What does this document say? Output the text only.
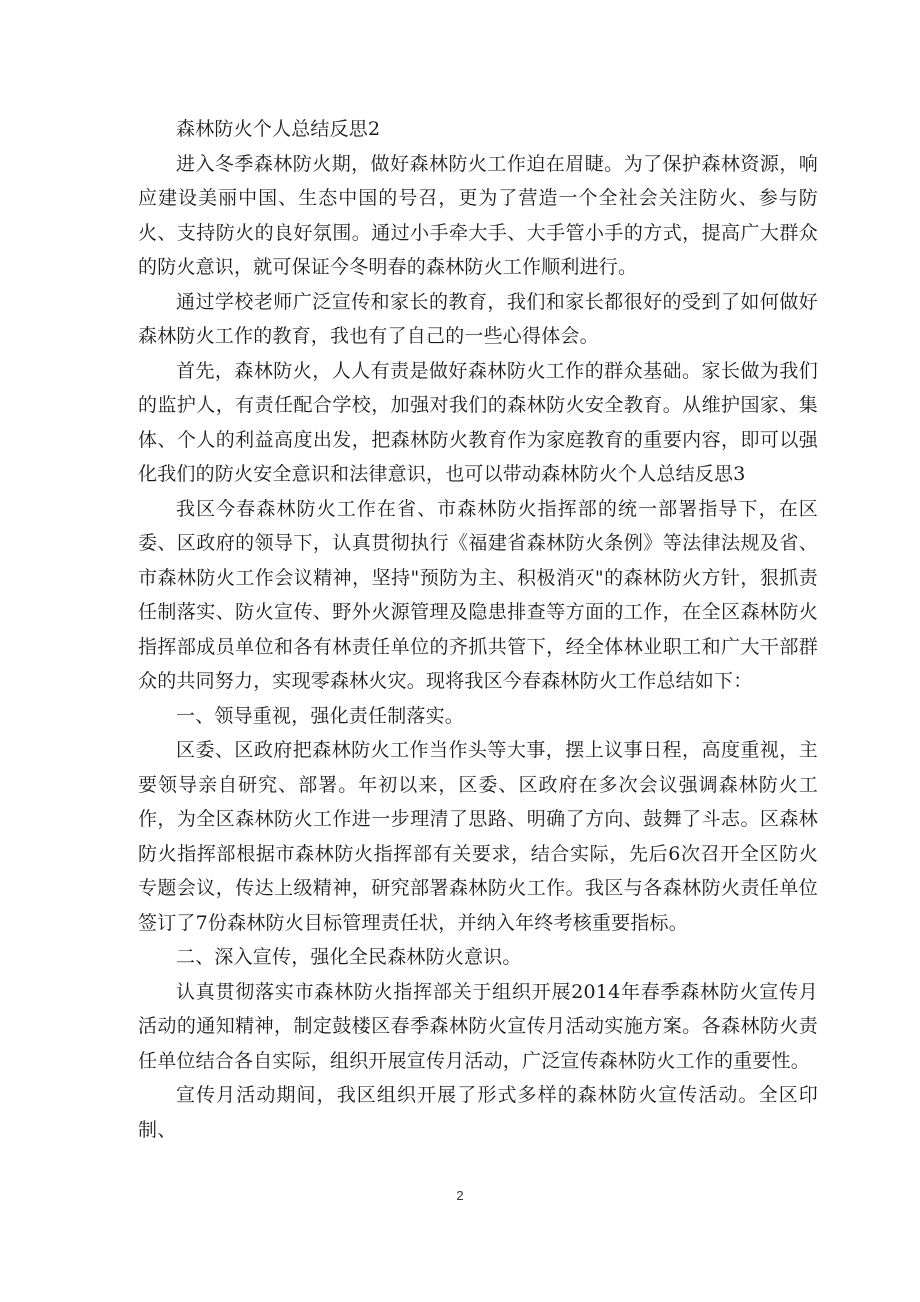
森林防火个人总结反思2

进入冬季森林防火期，做好森林防火工作迫在眉睫。为了保护森林资源，响应建设美丽中国、生态中国的号召，更为了营造一个全社会关注防火、参与防火、支持防火的良好氛围。通过小手牵大手、大手管小手的方式，提高广大群众的防火意识，就可保证今冬明春的森林防火工作顺利进行。

通过学校老师广泛宣传和家长的教育，我们和家长都很好的受到了如何做好森林防火工作的教育，我也有了自己的一些心得体会。

首先，森林防火，人人有责是做好森林防火工作的群众基础。家长做为我们的监护人，有责任配合学校，加强对我们的森林防火安全教育。从维护国家、集体、个人的利益高度出发，把森林防火教育作为家庭教育的重要内容，即可以强化我们的防火安全意识和法律意识，也可以带动森林防火个人总结反思3

我区今春森林防火工作在省、市森林防火指挥部的统一部署指导下，在区委、区政府的领导下，认真贯彻执行《福建省森林防火条例》等法律法规及省、市森林防火工作会议精神，坚持"预防为主、积极消灭"的森林防火方针，狠抓责任制落实、防火宣传、野外火源管理及隐患排查等方面的工作，在全区森林防火指挥部成员单位和各有林责任单位的齐抓共管下，经全体林业职工和广大干部群众的共同努力，实现零森林火灾。现将我区今春森林防火工作总结如下：

一、领导重视，强化责任制落实。

区委、区政府把森林防火工作当作头等大事，摆上议事日程，高度重视，主要领导亲自研究、部署。年初以来，区委、区政府在多次会议强调森林防火工作，为全区森林防火工作进一步理清了思路、明确了方向、鼓舞了斗志。区森林防火指挥部根据市森林防火指挥部有关要求，结合实际，先后6次召开全区防火专题会议，传达上级精神，研究部署森林防火工作。我区与各森林防火责任单位签订了7份森林防火目标管理责任状，并纳入年终考核重要指标。

二、深入宣传，强化全民森林防火意识。

认真贯彻落实市森林防火指挥部关于组织开展2014年春季森林防火宣传月活动的通知精神，制定鼓楼区春季森林防火宣传月活动实施方案。各森林防火责任单位结合各自实际，组织开展宣传月活动，广泛宣传森林防火工作的重要性。

宣传月活动期间，我区组织开展了形式多样的森林防火宣传活动。全区印制、

2
